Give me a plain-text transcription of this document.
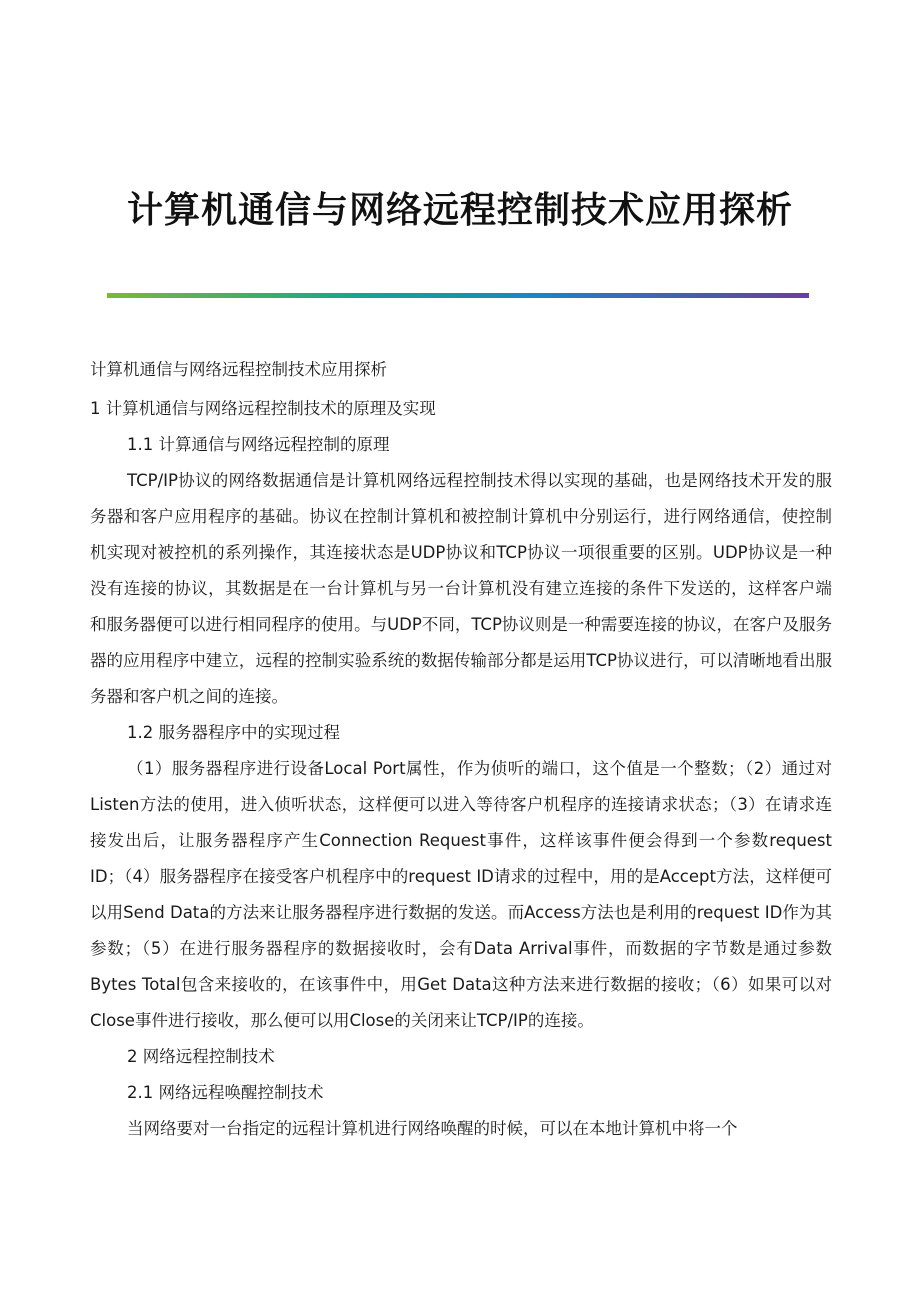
计算机通信与网络远程控制技术应用探析

计算机通信与网络远程控制技术应用探析

1 计算机通信与网络远程控制技术的原理及实现

1.1 计算通信与网络远程控制的原理

TCP/IP协议的网络数据通信是计算机网络远程控制技术得以实现的基础，也是网络技术开发的服务器和客户应用程序的基础。协议在控制计算机和被控制计算机中分别运行，进行网络通信，使控制机实现对被控机的系列操作，其连接状态是UDP协议和TCP协议一项很重要的区别。UDP协议是一种没有连接的协议，其数据是在一台计算机与另一台计算机没有建立连接的条件下发送的，这样客户端和服务器便可以进行相同程序的使用。与UDP不同，TCP协议则是一种需要连接的协议，在客户及服务器的应用程序中建立，远程的控制实验系统的数据传输部分都是运用TCP协议进行，可以清晰地看出服务器和客户机之间的连接。

1.2 服务器程序中的实现过程

（1）服务器程序进行设备Local Port属性，作为侦听的端口，这个值是一个整数；（2）通过对Listen方法的使用，进入侦听状态，这样便可以进入等待客户机程序的连接请求状态；（3）在请求连接发出后，让服务器程序产生Connection Request事件，这样该事件便会得到一个参数request ID；（4）服务器程序在接受客户机程序中的request ID请求的过程中，用的是Accept方法，这样便可以用Send Data的方法来让服务器程序进行数据的发送。而Access方法也是利用的request ID作为其参数；（5）在进行服务器程序的数据接收时，会有Data Arrival事件，而数据的字节数是通过参数Bytes Total包含来接收的，在该事件中，用Get Data这种方法来进行数据的接收；（6）如果可以对Close事件进行接收，那么便可以用Close的关闭来让TCP/IP的连接。

2 网络远程控制技术

2.1 网络远程唤醒控制技术

当网络要对一台指定的远程计算机进行网络唤醒的时候，可以在本地计算机中将一个
